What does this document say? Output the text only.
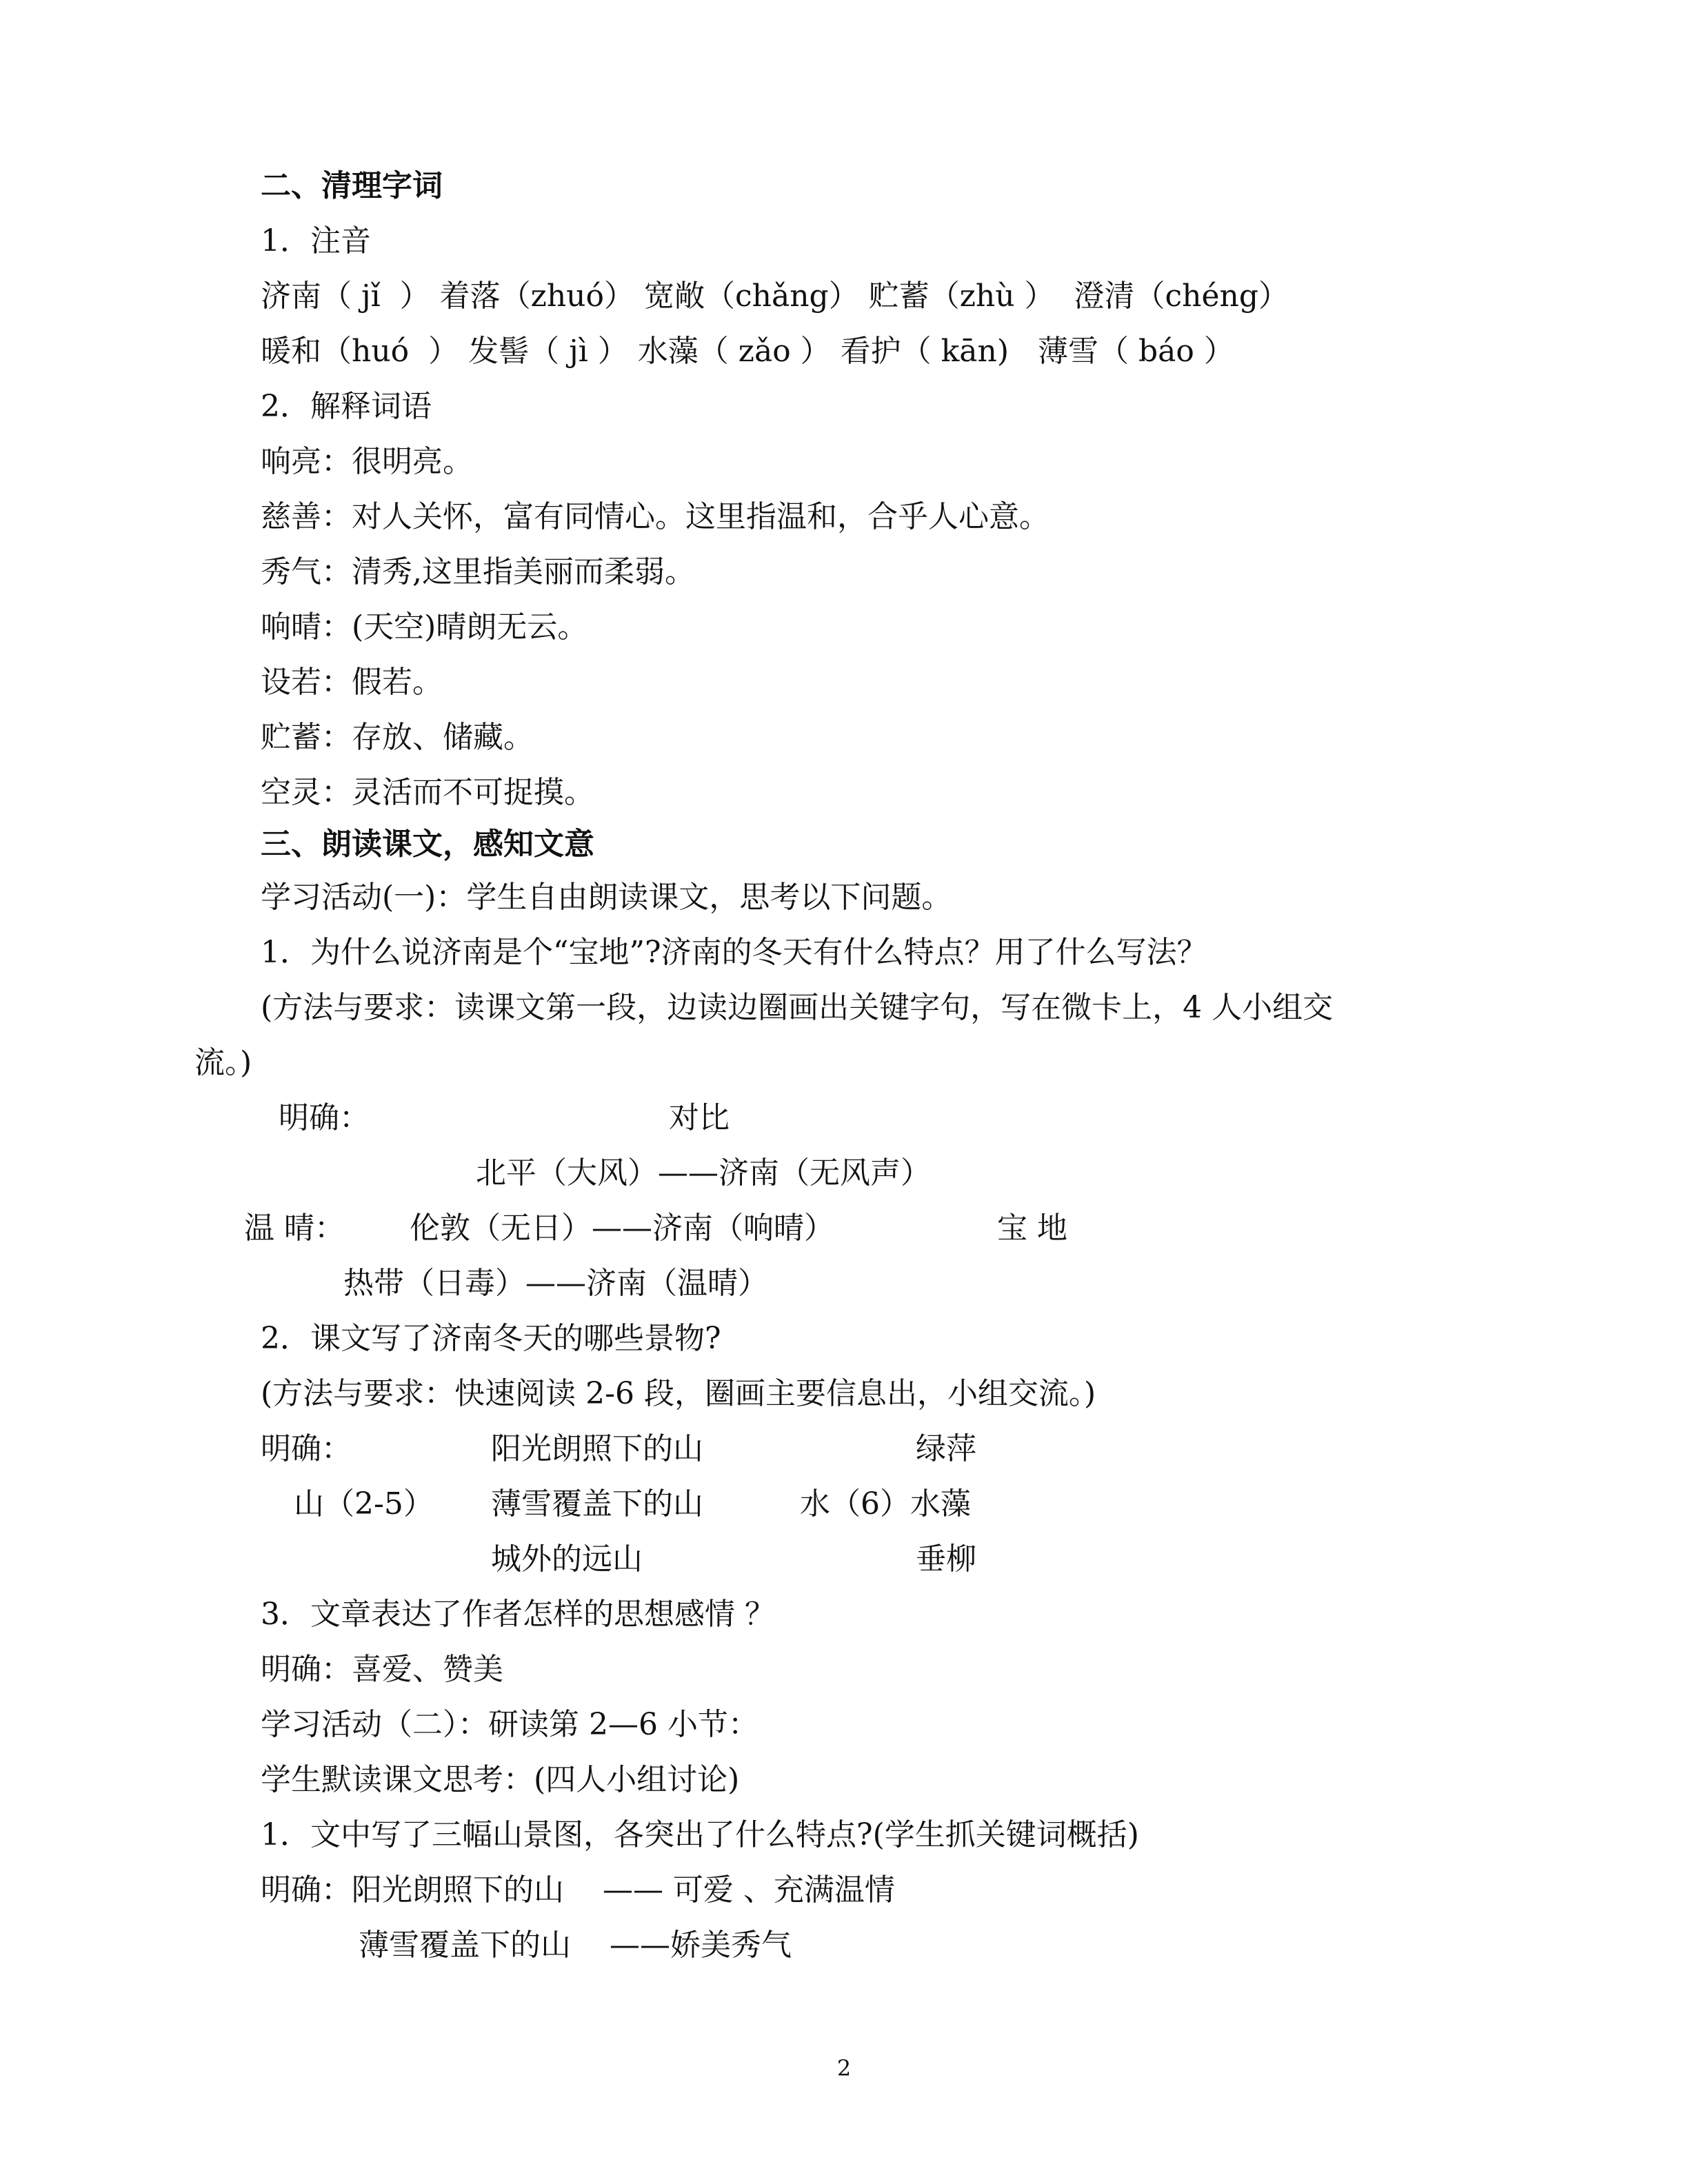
二、清理字词
1．注音
济南（ jǐ  ） 着落（zhuó） 宽敞（chǎng） 贮蓄（zhù ）  澄清（chéng）
暖和（huó  ） 发髻（ jì ） 水藻（ zǎo ） 看护（ kān)   薄雪（ báo ）
2．解释词语
响亮：很明亮。
慈善：对人关怀，富有同情心。这里指温和，合乎人心意。
秀气：清秀,这里指美丽而柔弱。
响晴：(天空)晴朗无云。
设若：假若。
贮蓄：存放、储藏。
空灵：灵活而不可捉摸。
三、朗读课文，感知文意
学习活动(一)：学生自由朗读课文，思考以下问题。
1．为什么说济南是个“宝地”?济南的冬天有什么特点？用了什么写法？
(方法与要求：读课文第一段，边读边圈画出关键字句，写在微卡上，4 人小组交
流。)
明确：	对比
北平（大风）——济南（无风声）
温 晴： 伦敦（无日）——济南（响晴）	宝 地
热带（日毒）——济南（温晴）
2．课文写了济南冬天的哪些景物?
(方法与要求：快速阅读 2-6 段，圈画主要信息出，小组交流。)
明确：	阳光朗照下的山	绿萍
山（2-5） 薄雪覆盖下的山	水（6）水藻
城外的远山	垂柳
3．文章表达了作者怎样的思想感情 ？
明确：喜爱、赞美
学习活动（二）：研读第 2—6 小节：
学生默读课文思考：(四人小组讨论)
1．文中写了三幅山景图，各突出了什么特点?(学生抓关键词概括)
明确：阳光朗照下的山    —— 可爱 、充满温情
薄雪覆盖下的山    ——娇美秀气
2
